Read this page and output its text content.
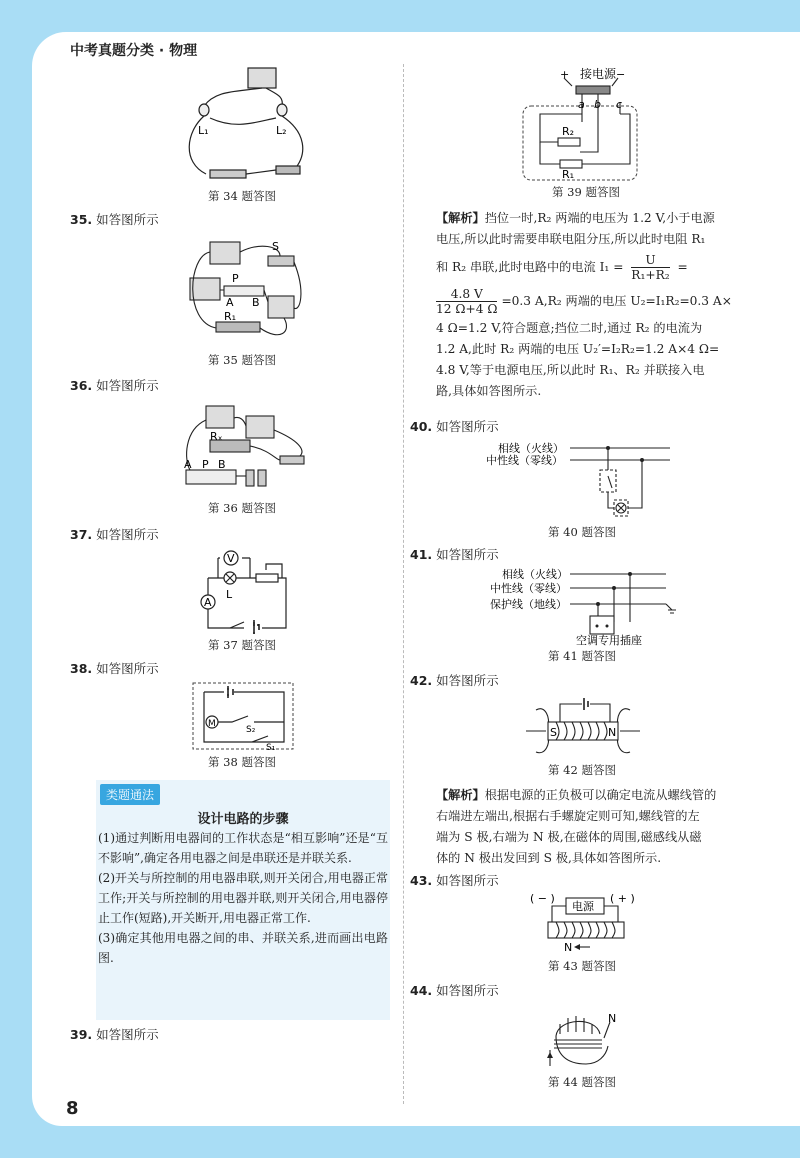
中考真题分类 · 物理
L₁	L₂
第 34 题答图
35. 如答图所示
S
P
A B
R₁
第 35 题答图
36. 如答图所示
Rₓ
A P B
第 36 题答图
37. 如答图所示
V
A
L
第 37 题答图
38. 如答图所示
M
S₂
S₁
第 38 题答图
类题通法
设计电路的步骤

(1)通过判断用电器间的工作状态是“相互影响”还是“互不影响”,确定各用电器之间是串联还是并联关系.

(2)开关与所控制的用电器串联,则开关闭合,用电器正常工作;开关与所控制的用电器并联,则开关闭合,用电器停止工作(短路),开关断开,用电器正常工作.

(3)确定其他用电器之间的串、并联关系,进而画出电路图.

39. 如答图所示
接电源
+	−
a b c
R₂
R₁
第 39 题答图

【解析】挡位一时,R₂ 两端的电压为 1.2 V,小于电源

电压,所以此时需要串联电阻分压,所以此时电阻 R₁

和 R₂ 串联,此时电路中的电流 $I_1 = \frac{U}{\text{R₁+R₂}}$ =

$\frac{4.8 V}{12 \Omega+4 \Omega} =0.3$ A,R₂ 两端的电压 U₂=I₁R₂=0.3 A×

4 Ω=1.2 V,符合题意;挡位二时,通过 R₂ 的电流为

1.2 A,此时 R₂ 两端的电压 U₂′=I₂R₂=1.2 A×4 Ω=

4.8 V,等于电源电压,所以此时 R₁、R₂ 并联接入电

路,具体如答图所示.

40. 如答图所示
相线（火线）
中性线（零线）
第 40 题答图
41. 如答图所示
相线（火线）
中性线（零线）
保护线（地线）
空调专用插座
第 41 题答图
42. 如答图所示
S	N
第 42 题答图

【解析】根据电源的正负极可以确定电流从螺线管的

右端进左端出,根据右手螺旋定则可知,螺线管的左

端为 S 极,右端为 N 极,在磁体的周围,磁感线从磁

体的 N 极出发回到 S 极,具体如答图所示.

43. 如答图所示
( − )	( + )
电源
N
第 43 题答图
44. 如答图所示
N
第 44 题答图
8
